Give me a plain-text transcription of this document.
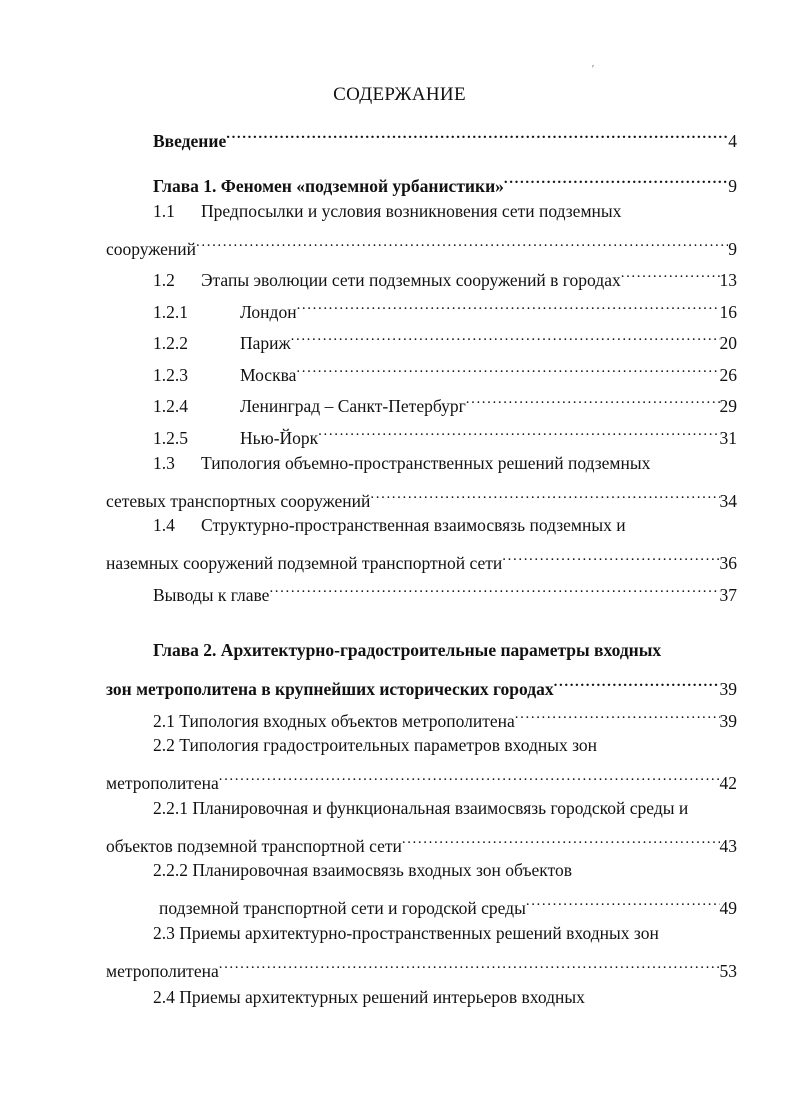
′
СОДЕРЖАНИЕ
Введение .....	4
Глава 1. Феномен «подземной урбанистики» .....	9
1.1 Предпосылки и условия возникновения сети подземных
сооружений .....	9
1.2 Этапы эволюции сети подземных сооружений в городах .....	13
1.2.1	Лондон .....	16
1.2.2	Париж .....	20
1.2.3	Москва .....	26
1.2.4	Ленинград – Санкт-Петербург .....	29
1.2.5	Нью-Йорк .....	31
1.3 Типология объемно-пространственных решений подземных
сетевых транспортных сооружений .....	34
1.4 Структурно-пространственная взаимосвязь подземных и
наземных сооружений подземной транспортной сети .....	36
Выводы к главе .....	37
Глава 2. Архитектурно-градостроительные параметры входных
зон метрополитена в крупнейших исторических городах .....	39
2.1 Типология входных объектов метрополитена .....	39
2.2 Типология градостроительных параметров входных зон
метрополитена .....	42
2.2.1 Планировочная и функциональная взаимосвязь городской среды и
объектов подземной транспортной сети .....	43
2.2.2 Планировочная взаимосвязь входных зон объектов
подземной транспортной сети и городской среды .....	49
2.3 Приемы архитектурно-пространственных решений входных зон
метрополитена .....	53
2.4 Приемы архитектурных решений интерьеров входных
